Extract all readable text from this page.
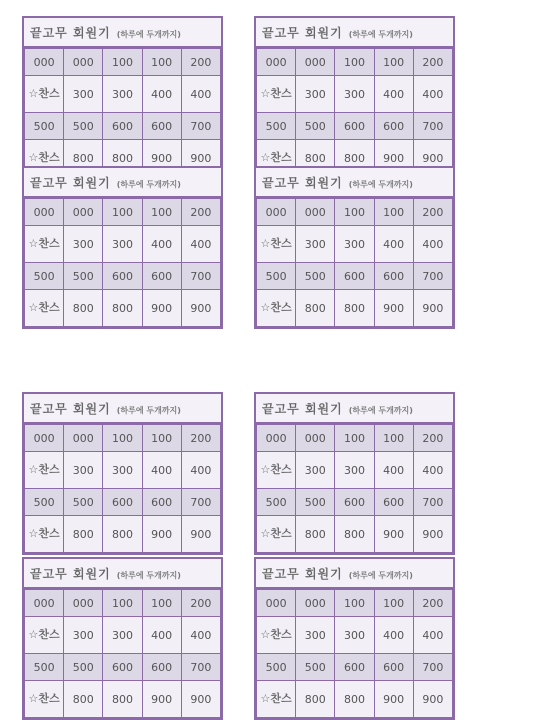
끝고무 회원기 (하루에 두개까지)
000	000	100	100	200
☆찬스	300	300	400	400
500	500	600	600	700
☆찬스	800	800	900	900
끝고무 회원기 (하루에 두개까지)
000	000	100	100	200
☆찬스	300	300	400	400
500	500	600	600	700
☆찬스	800	800	900	900
끝고무 회원기 (하루에 두개까지)
000	000	100	100	200
☆찬스	300	300	400	400
500	500	600	600	700
☆찬스	800	800	900	900
끝고무 회원기 (하루에 두개까지)
000	000	100	100	200
☆찬스	300	300	400	400
500	500	600	600	700
☆찬스	800	800	900	900
끝고무 회원기 (하루에 두개까지)
000	000	100	100	200
☆찬스	300	300	400	400
500	500	600	600	700
☆찬스	800	800	900	900
끝고무 회원기 (하루에 두개까지)
000	000	100	100	200
☆찬스	300	300	400	400
500	500	600	600	700
☆찬스	800	800	900	900
끝고무 회원기 (하루에 두개까지)
000	000	100	100	200
☆찬스	300	300	400	400
500	500	600	600	700
☆찬스	800	800	900	900
끝고무 회원기 (하루에 두개까지)
000	000	100	100	200
☆찬스	300	300	400	400
500	500	600	600	700
☆찬스	800	800	900	900
